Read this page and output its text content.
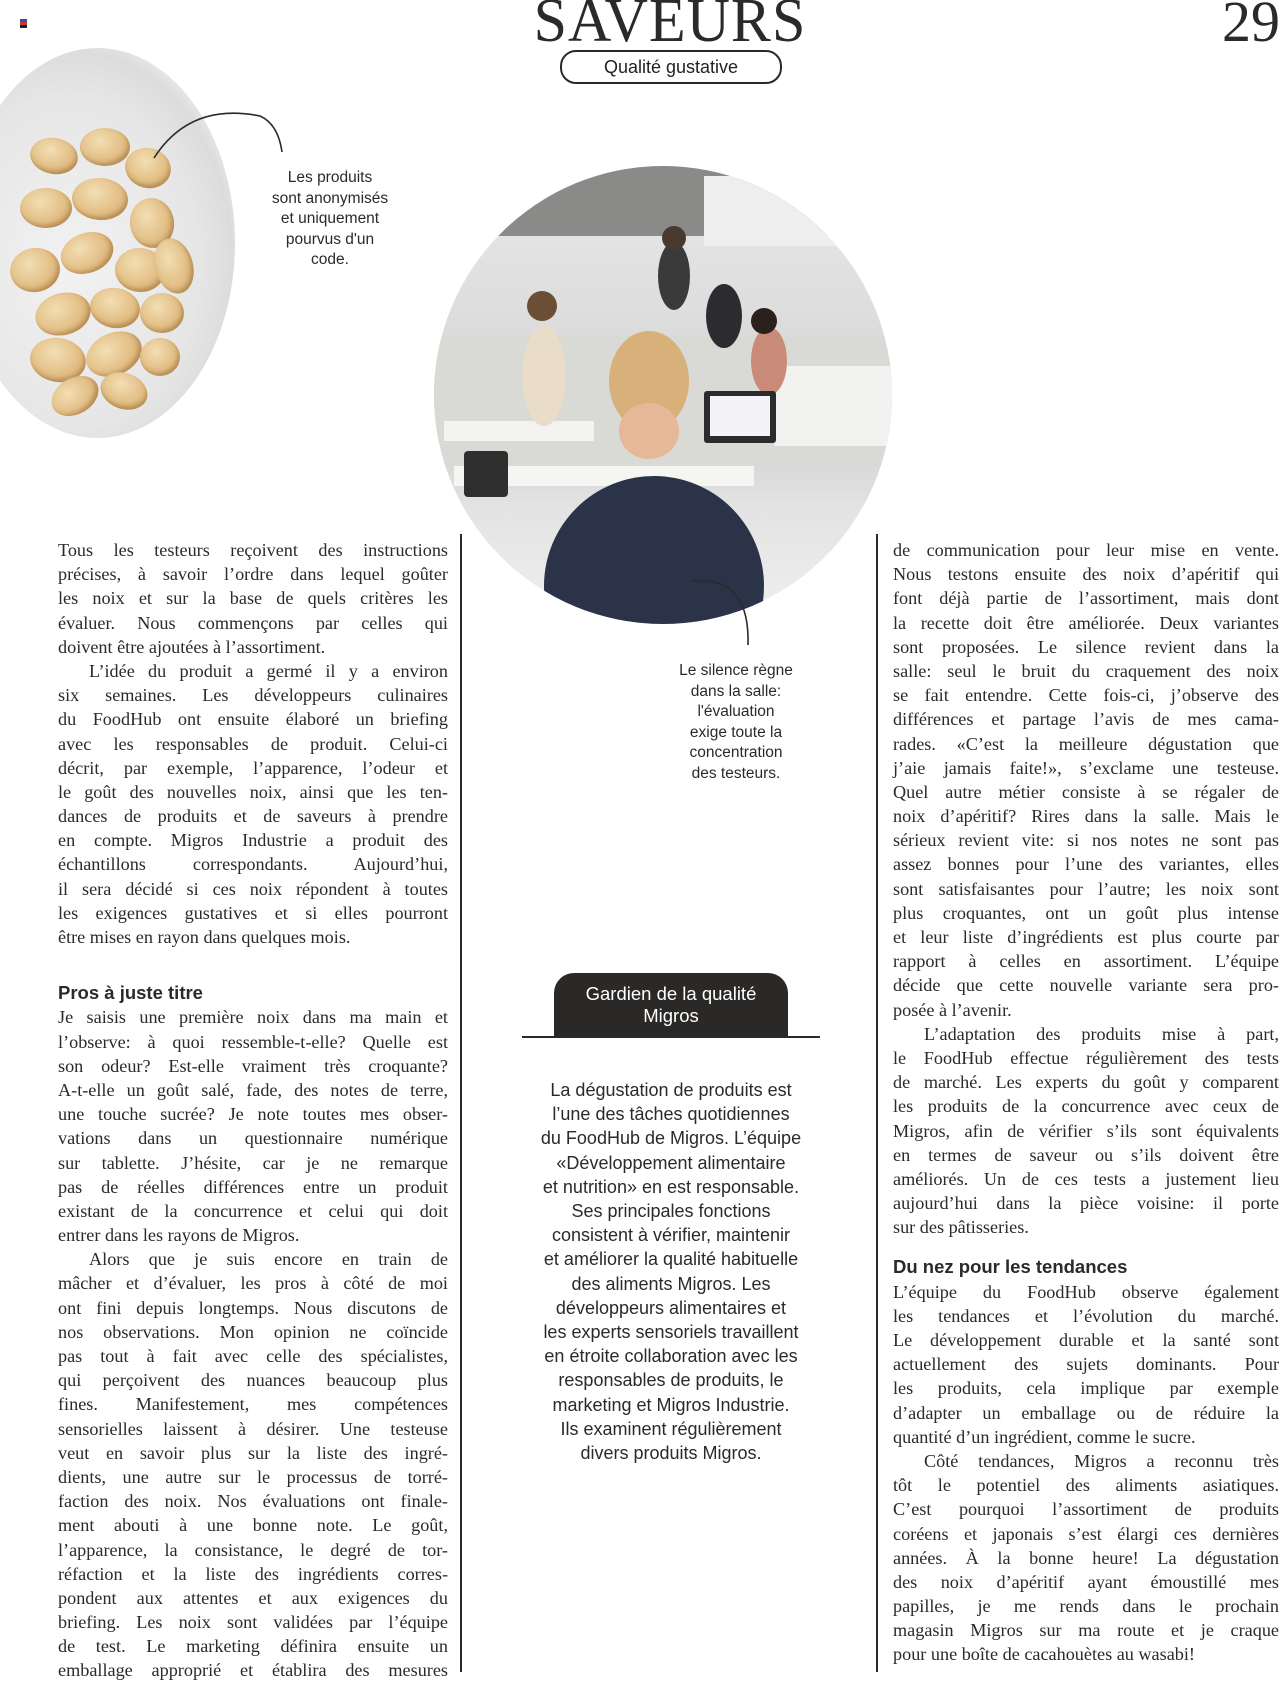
SAVEURS	29
Qualité gustative
Les produits
sont anonymisés
et uniquement
pourvus d'un
code.
Le silence règne
dans la salle:
l'évaluation
exige toute la
concentration
des testeurs.
Tous les testeurs reçoivent des instructions
précises, à savoir l’ordre dans lequel goûter
les noix et sur la base de quels critères les
évaluer. Nous commençons par celles qui
doivent être ajoutées à l’assortiment.
L’idée du produit a germé il y a environ
six semaines. Les développeurs culinaires
du FoodHub ont ensuite élaboré un briefing
avec les responsables de produit. Celui-ci
décrit, par exemple, l’apparence, l’odeur et
le goût des nouvelles noix, ainsi que les ten-
dances de produits et de saveurs à prendre
en compte. Migros Industrie a produit des
échantillons correspondants. Aujourd’hui,
il sera décidé si ces noix répondent à toutes
les exigences gustatives et si elles pourront
être mises en rayon dans quelques mois.
Pros à juste titre
Je saisis une première noix dans ma main et
l’observe: à quoi ressemble-t-elle? Quelle est
son odeur? Est-elle vraiment très croquante?
A-t-elle un goût salé, fade, des notes de terre,
une touche sucrée? Je note toutes mes obser-
vations dans un questionnaire numérique
sur tablette. J’hésite, car je ne remarque
pas de réelles différences entre un produit
existant de la concurrence et celui qui doit
entrer dans les rayons de Migros.
Alors que je suis encore en train de
mâcher et d’évaluer, les pros à côté de moi
ont fini depuis longtemps. Nous discutons de
nos observations. Mon opinion ne coïncide
pas tout à fait avec celle des spécialistes,
qui perçoivent des nuances beaucoup plus
fines. Manifestement, mes compétences
sensorielles laissent à désirer. Une testeuse
veut en savoir plus sur la liste des ingré-
dients, une autre sur le processus de torré-
faction des noix. Nos évaluations ont finale-
ment abouti à une bonne note. Le goût,
l’apparence, la consistance, le degré de tor-
réfaction et la liste des ingrédients corres-
pondent aux attentes et aux exigences du
briefing. Les noix sont validées par l’équipe
de test. Le marketing définira ensuite un
emballage approprié et établira des mesures
de communication pour leur mise en vente.
Nous testons ensuite des noix d’apéritif qui
font déjà partie de l’assortiment, mais dont
la recette doit être améliorée. Deux variantes
sont proposées. Le silence revient dans la
salle: seul le bruit du craquement des noix
se fait entendre. Cette fois-ci, j’observe des
différences et partage l’avis de mes cama-
rades. «C’est la meilleure dégustation que
j’aie jamais faite!», s’exclame une testeuse.
Quel autre métier consiste à se régaler de
noix d’apéritif? Rires dans la salle. Mais le
sérieux revient vite: si nos notes ne sont pas
assez bonnes pour l’une des variantes, elles
sont satisfaisantes pour l’autre; les noix sont
plus croquantes, ont un goût plus intense
et leur liste d’ingrédients est plus courte par
rapport à celles en assortiment. L’équipe
décide que cette nouvelle variante sera pro-
posée à l’avenir.
L’adaptation des produits mise à part,
le FoodHub effectue régulièrement des tests
de marché. Les experts du goût y comparent
les produits de la concurrence avec ceux de
Migros, afin de vérifier s’ils sont équivalents
en termes de saveur ou s’ils doivent être
améliorés. Un de ces tests a justement lieu
aujourd’hui dans la pièce voisine: il porte
sur des pâtisseries.
Du nez pour les tendances
L’équipe du FoodHub observe également
les tendances et l’évolution du marché.
Le développement durable et la santé sont
actuellement des sujets dominants. Pour
les produits, cela implique par exemple
d’adapter un emballage ou de réduire la
quantité d’un ingrédient, comme le sucre.
Côté tendances, Migros a reconnu très
tôt le potentiel des aliments asiatiques.
C’est pourquoi l’assortiment de produits
coréens et japonais s’est élargi ces dernières
années. À la bonne heure! La dégustation
des noix d’apéritif ayant émoustillé mes
papilles, je me rends dans le prochain
magasin Migros sur ma route et je craque
pour une boîte de cacahouètes au wasabi!
Gardien de la qualité
Migros
La dégustation de produits est
l’une des tâches quotidiennes
du FoodHub de Migros. L’équipe
«Développement alimentaire
et nutrition» en est responsable.
Ses principales fonctions
consistent à vérifier, maintenir
et améliorer la qualité habituelle
des aliments Migros. Les
développeurs alimentaires et
les experts sensoriels travaillent
en étroite collaboration avec les
responsables de produits, le
marketing et Migros Industrie.
Ils examinent régulièrement
divers produits Migros.
